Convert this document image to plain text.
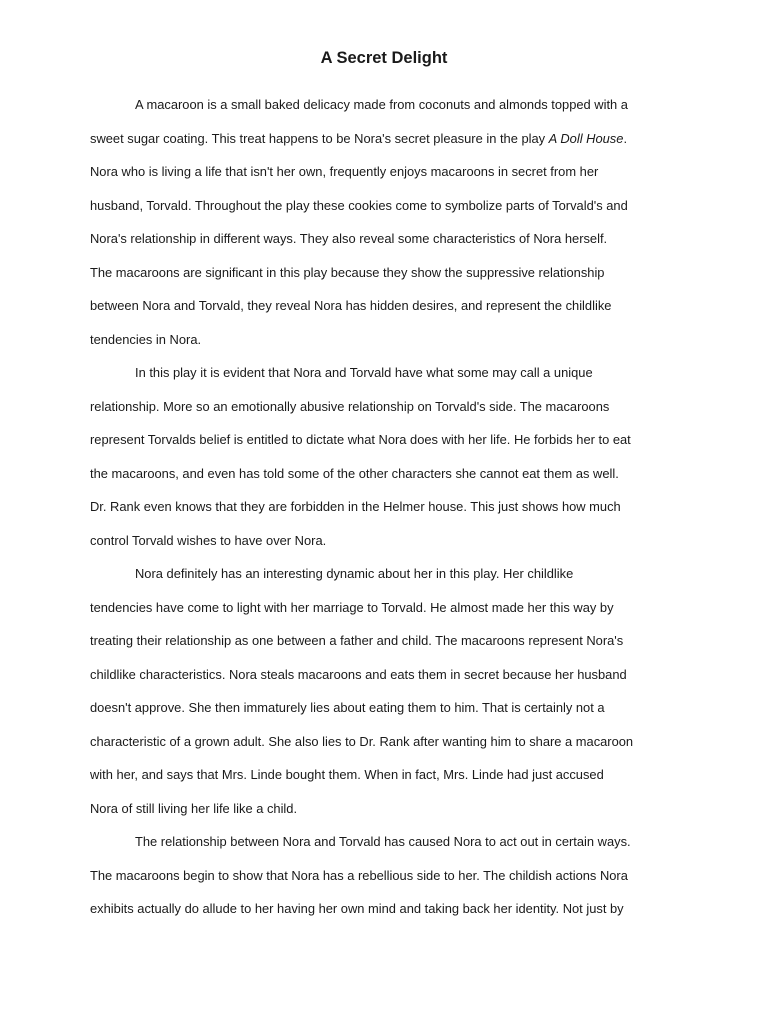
A Secret Delight

A macaroon is a small baked delicacy made from coconuts and almonds topped with a
sweet sugar coating. This treat happens to be Nora's secret pleasure in the play A Doll House.
Nora who is living a life that isn't her own, frequently enjoys macaroons in secret from her
husband, Torvald. Throughout the play these cookies come to symbolize parts of Torvald's and
Nora's relationship in different ways. They also reveal some characteristics of Nora herself.
The macaroons are significant in this play because they show the suppressive relationship
between Nora and Torvald, they reveal Nora has hidden desires, and represent the childlike
tendencies in Nora.

In this play it is evident that Nora and Torvald have what some may call a unique
relationship. More so an emotionally abusive relationship on Torvald's side. The macaroons
represent Torvalds belief is entitled to dictate what Nora does with her life. He forbids her to eat
the macaroons, and even has told some of the other characters she cannot eat them as well.
Dr. Rank even knows that they are forbidden in the Helmer house. This just shows how much
control Torvald wishes to have over Nora.

Nora definitely has an interesting dynamic about her in this play. Her childlike
tendencies have come to light with her marriage to Torvald. He almost made her this way by
treating their relationship as one between a father and child. The macaroons represent Nora's
childlike characteristics. Nora steals macaroons and eats them in secret because her husband
doesn't approve. She then immaturely lies about eating them to him. That is certainly not a
characteristic of a grown adult. She also lies to Dr. Rank after wanting him to share a macaroon
with her, and says that Mrs. Linde bought them. When in fact, Mrs. Linde had just accused
Nora of still living her life like a child.

The relationship between Nora and Torvald has caused Nora to act out in certain ways.
The macaroons begin to show that Nora has a rebellious side to her. The childish actions Nora
exhibits actually do allude to her having her own mind and taking back her identity. Not just by
